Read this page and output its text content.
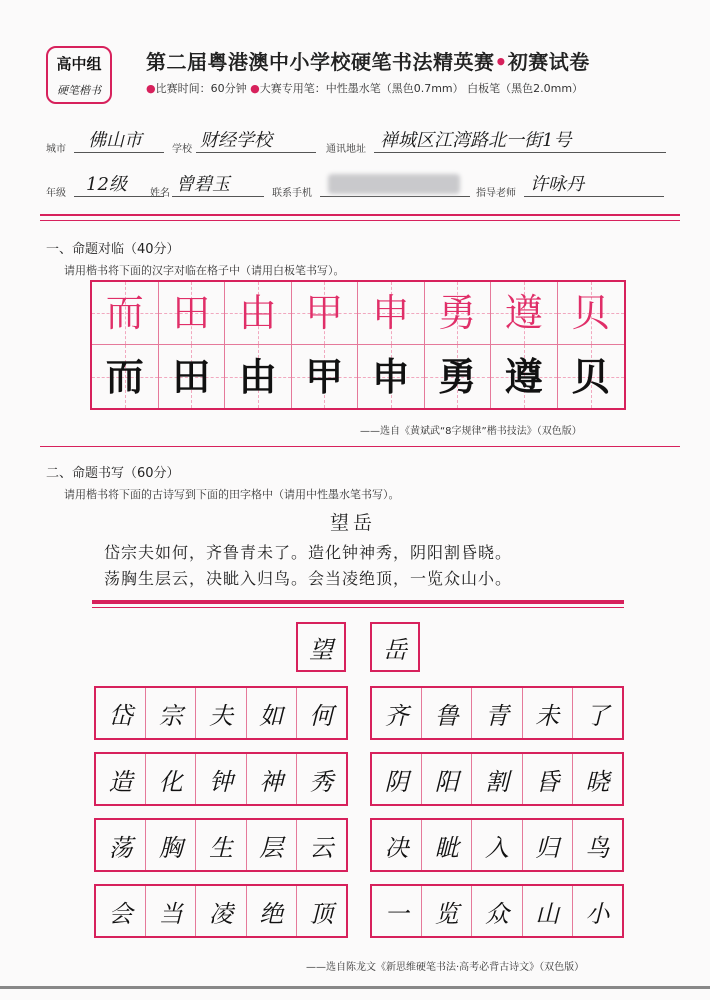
高中组
硬笔楷书
第二届粤港澳中小学校硬笔书法精英赛•初赛试卷
●比赛时间：60分钟 ●大赛专用笔：中性墨水笔（黑色0.7mm） 白板笔（黑色2.0mm）
城市 佛山市	学校 财经学校	通讯地址 禅城区江湾路北一街1号
年级 12级 姓名 曾碧玉	联系手机	指导老师 许咏丹
一、命题对临（40分）
请用楷书将下面的汉字对临在格子中（请用白板笔书写）。
而 田 由 甲 申 勇 遵 贝
而 田 由 甲 申 勇 遵 贝
——选自《黄斌武“8字规律”楷书技法》（双色版）
二、命题书写（60分）
请用楷书将下面的古诗写到下面的田字格中（请用中性墨水笔书写）。
望岳
岱宗夫如何，齐鲁青未了。造化钟神秀，阴阳割昏晓。
荡胸生层云，决眦入归鸟。会当凌绝顶，一览众山小。
望 岳
岱 宗 夫 如 何 齐 鲁 青 未 了
造 化 钟 神 秀 阴 阳 割 昏 晓
荡 胸 生 层 云 决 眦 入 归 鸟
会 当 凌 绝 顶 一 览 众 山 小
——选自陈龙文《新思维硬笔书法·高考必背古诗文》（双色版）
